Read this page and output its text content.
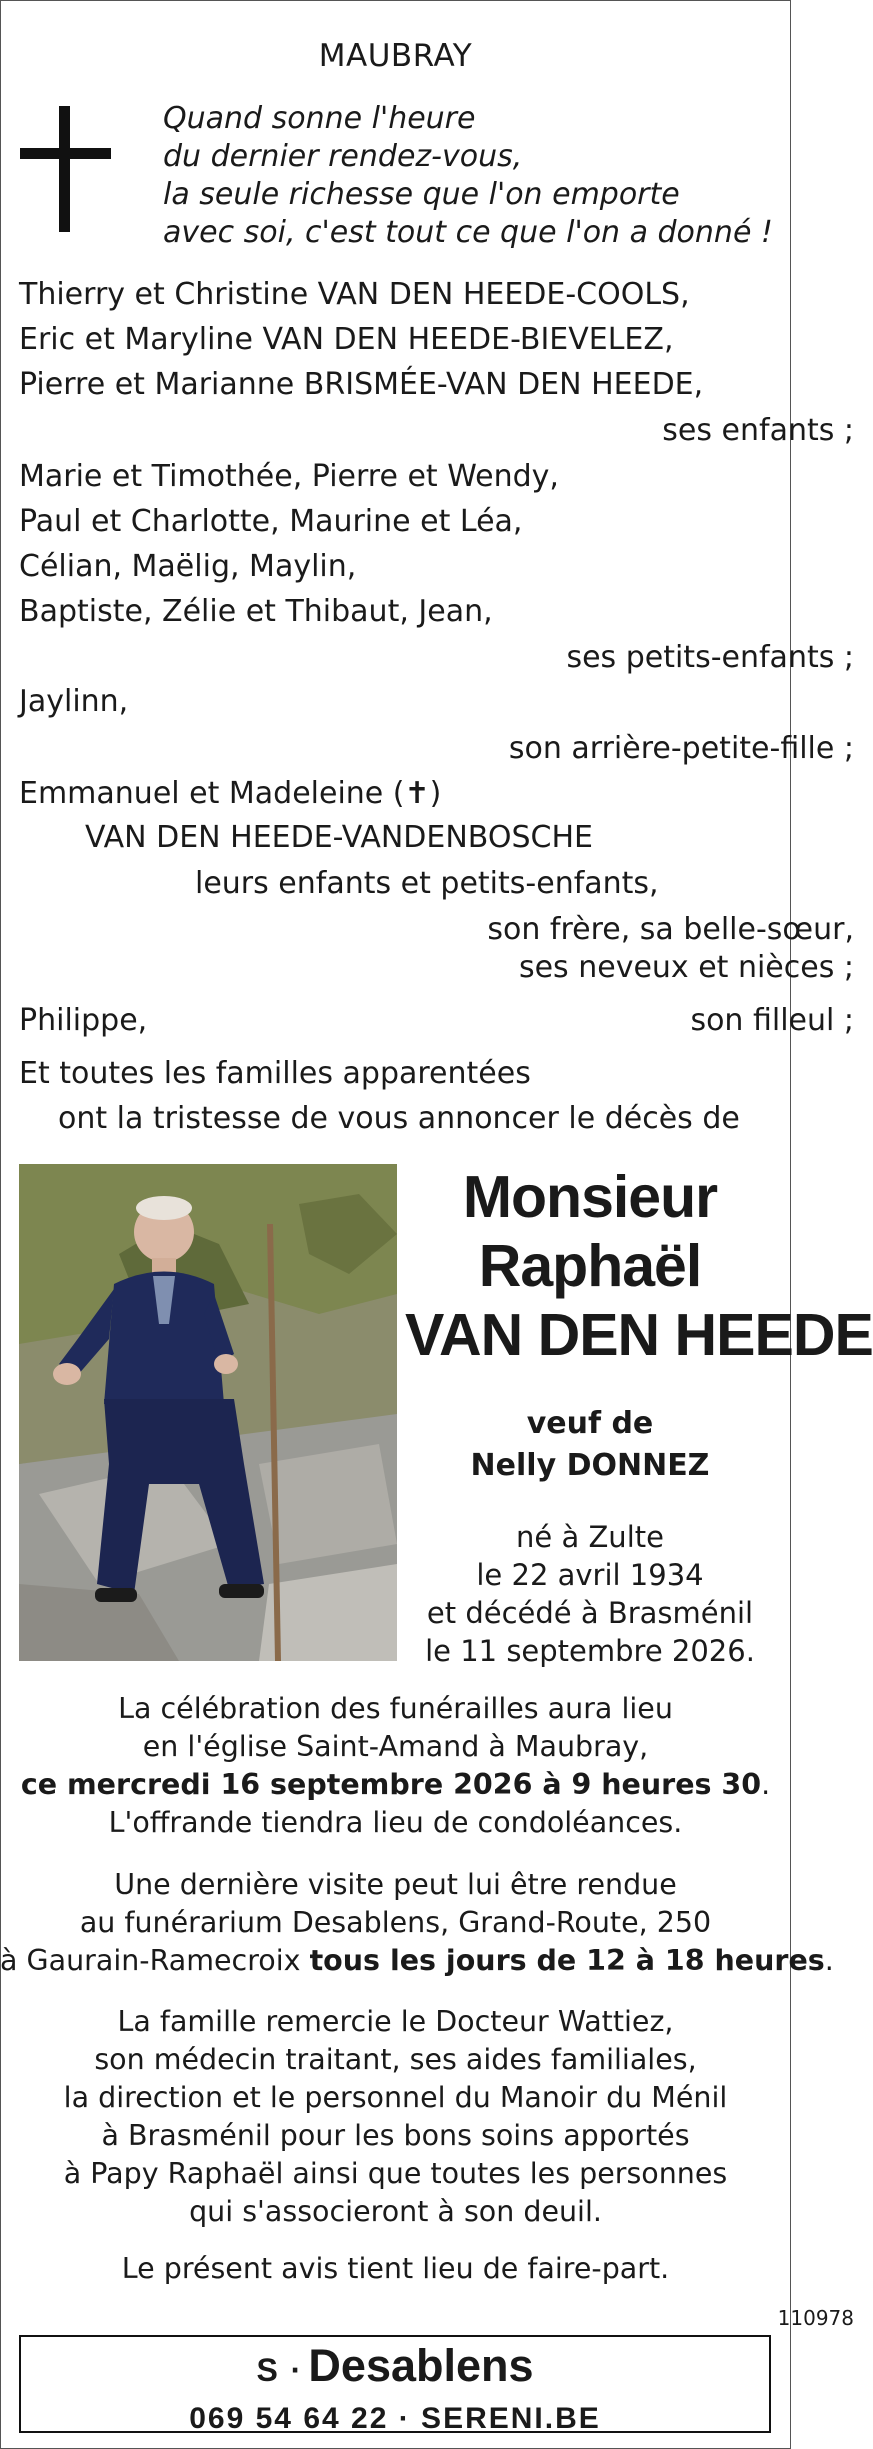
MAUBRAY
Quand sonne l'heure
du dernier rendez-vous,
la seule richesse que l'on emporte
avec soi, c'est tout ce que l'on a donné !
Thierry et Christine VAN DEN HEEDE-COOLS,
Eric et Maryline VAN DEN HEEDE-BIEVELEZ,
Pierre et Marianne BRISMÉE-VAN DEN HEEDE,
ses enfants ;
Marie et Timothée, Pierre et Wendy,
Paul et Charlotte, Maurine et Léa,
Célian, Maëlig, Maylin,
Baptiste, Zélie et Thibaut, Jean,
ses petits-enfants ;
Jaylinn,
son arrière-petite-fille ;
Emmanuel et Madeleine (✝)
VAN DEN HEEDE-VANDENBOSCHE
leurs enfants et petits-enfants,
son frère, sa belle-sœur,
ses neveux et nièces ;
Philippe,	son filleul ;
Et toutes les familles apparentées
ont la tristesse de vous annoncer le décès de
Monsieur
Raphaël
VAN DEN HEEDE
veuf de
Nelly DONNEZ
né à Zulte
le 22 avril 1934
et décédé à Brasménil
le 11 septembre 2026.
La célébration des funérailles aura lieu
en l'église Saint-Amand à Maubray,
ce mercredi 16 septembre 2026 à 9 heures 30.
L'offrande tiendra lieu de condoléances.
Une dernière visite peut lui être rendue
au funérarium Desablens, Grand-Route, 250
à Gaurain-Ramecroix tous les jours de 12 à 18 heures.
La famille remercie le Docteur Wattiez,
son médecin traitant, ses aides familiales,
la direction et le personnel du Manoir du Ménil
à Brasménil pour les bons soins apportés
à Papy Raphaël ainsi que toutes les personnes
qui s'associeront à son deuil.
Le présent avis tient lieu de faire-part.
110978
S · Desablens
069 54 64 22 · SERENI.BE
